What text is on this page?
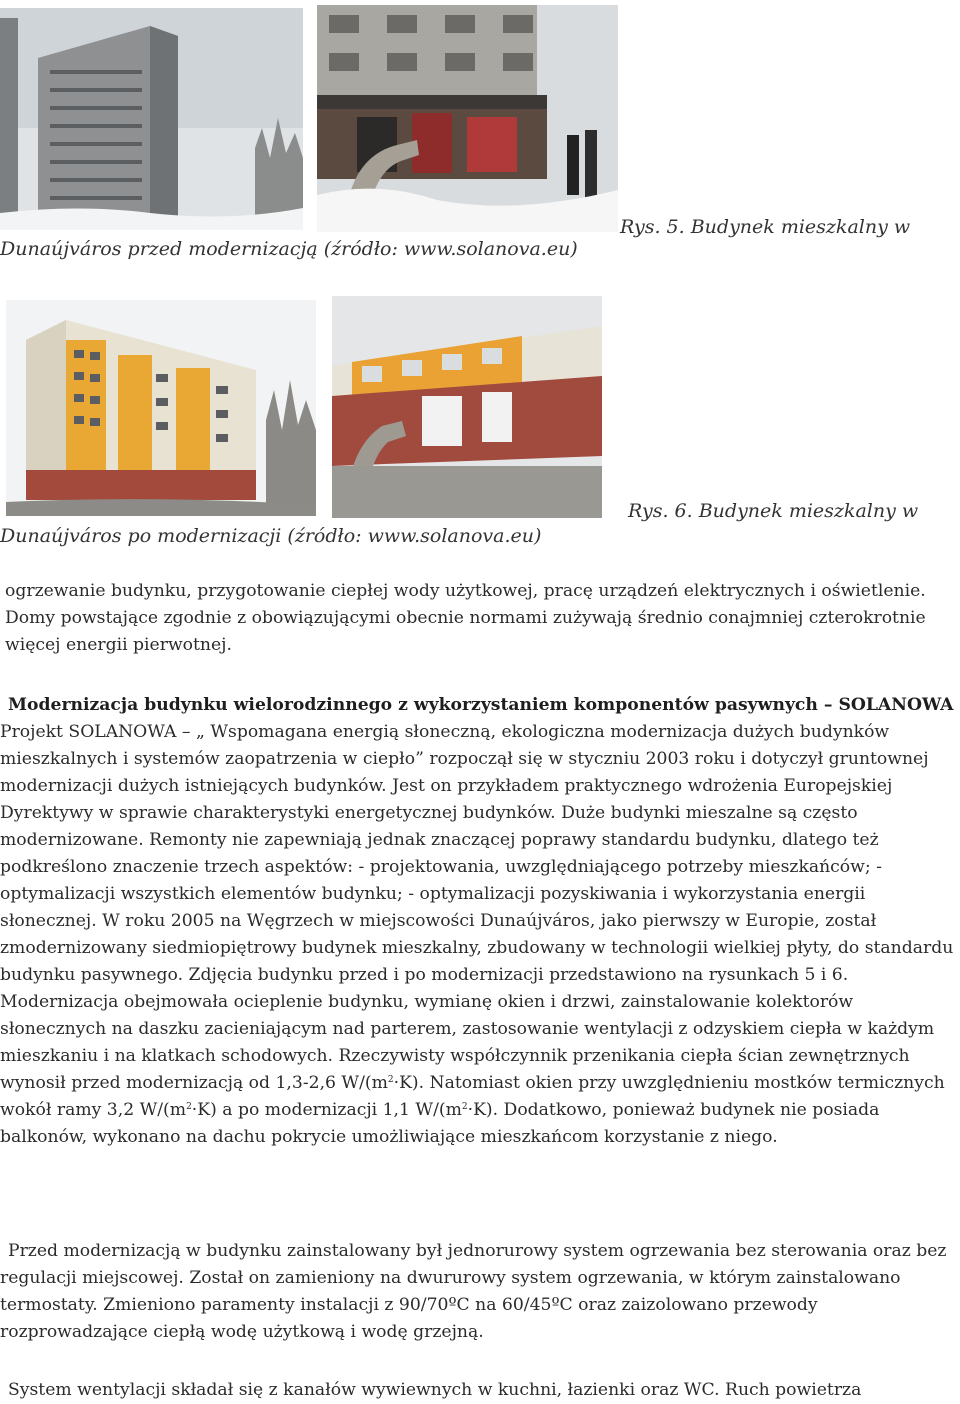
Rys. 5. Budynek mieszkalny w
Dunaújváros przed modernizacją (źródło: www.solanova.eu)
Rys. 6. Budynek mieszkalny w
Dunaújváros po modernizacji (źródło: www.solanova.eu)
ogrzewanie budynku, przygotowanie ciepłej wody użytkowej, pracę urządzeń elektrycznych i oświetlenie. Domy powstające zgodnie z obowiązującymi obecnie normami zużywają średnio conajmniej czterokrotnie więcej energii pierwotnej.
Modernizacja budynku wielorodzinnego z wykorzystaniem komponentów pasywnych – SOLANOWA Projekt SOLANOWA – „ Wspomagana energią słoneczną, ekologiczna modernizacja dużych budynków mieszkalnych i systemów zaopatrzenia w ciepło” rozpoczął się w styczniu 2003 roku i dotyczył gruntownej modernizacji dużych istniejących budynków. Jest on przykładem praktycznego wdrożenia Europejskiej Dyrektywy w sprawie charakterystyki energetycznej budynków. Duże budynki mieszalne są często modernizowane. Remonty nie zapewniają jednak znaczącej poprawy standardu budynku, dlatego też podkreślono znaczenie trzech aspektów: - projektowania, uwzględniającego potrzeby mieszkańców; - optymalizacji wszystkich elementów budynku; - optymalizacji pozyskiwania i wykorzystania energii słonecznej. W roku 2005 na Węgrzech w miejscowości Dunaújváros, jako pierwszy w Europie, został zmodernizowany siedmiopiętrowy budynek mieszkalny, zbudowany w technologii wielkiej płyty, do standardu budynku pasywnego. Zdjęcia budynku przed i po modernizacji przedstawiono na rysunkach 5 i 6. Modernizacja obejmowała ocieplenie budynku, wymianę okien i drzwi, zainstalowanie kolektorów słonecznych na daszku zacieniającym nad parterem, zastosowanie wentylacji z odzyskiem ciepła w każdym mieszkaniu i na klatkach schodowych. Rzeczywisty współczynnik przenikania ciepła ścian zewnętrznych wynosił przed modernizacją od 1,3-2,6 $W/(m^2\cdot K)$. Natomiast okien przy uwzględnieniu mostków termicznych wokół ramy 3,2 $W/(m^2\cdot K)$ a po modernizacji 1,1 $W/(m^2\cdot K)$. Dodatkowo, ponieważ budynek nie posiada balkonów, wykonano na dachu pokrycie umożliwiające mieszkańcom korzystanie z niego.
Przed modernizacją w budynku zainstalowany był jednorurowy system ogrzewania bez sterowania oraz bez regulacji miejscowej. Został on zamieniony na dwururowy system ogrzewania, w którym zainstalowano termostaty. Zmieniono paramenty instalacji z 90/70ºC na 60/45ºC oraz zaizolowano przewody rozprowadzające ciepłą wodę użytkową i wodę grzejną.
System wentylacji składał się z kanałów wywiewnych w kuchni, łazienki oraz WC. Ruch powietrza
